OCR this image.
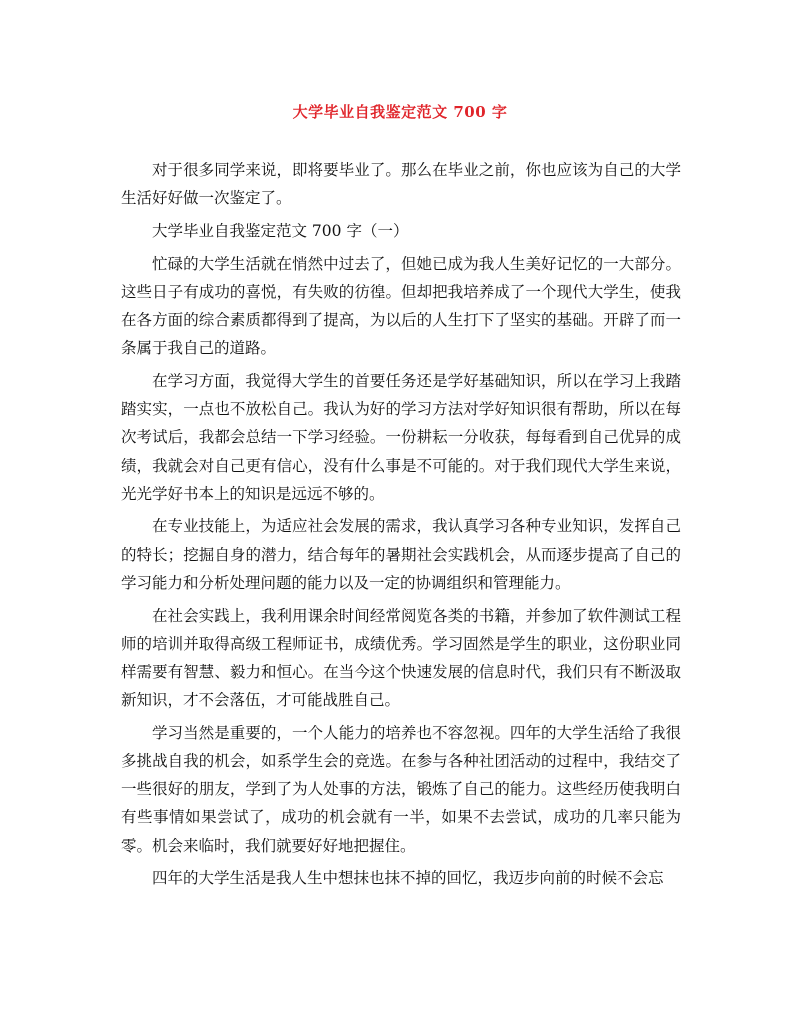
大学毕业自我鉴定范文 700 字

对于很多同学来说，即将要毕业了。那么在毕业之前，你也应该为自己的大学生活好好做一次鉴定了。

大学毕业自我鉴定范文 700 字（一）

忙碌的大学生活就在悄然中过去了，但她已成为我人生美好记忆的一大部分。这些日子有成功的喜悦，有失败的彷徨。但却把我培养成了一个现代大学生，使我在各方面的综合素质都得到了提高，为以后的人生打下了坚实的基础。开辟了而一条属于我自己的道路。

在学习方面，我觉得大学生的首要任务还是学好基础知识，所以在学习上我踏踏实实，一点也不放松自己。我认为好的学习方法对学好知识很有帮助，所以在每次考试后，我都会总结一下学习经验。一份耕耘一分收获，每每看到自己优异的成绩，我就会对自己更有信心，没有什么事是不可能的。对于我们现代大学生来说，光光学好书本上的知识是远远不够的。

在专业技能上，为适应社会发展的需求，我认真学习各种专业知识，发挥自己的特长；挖掘自身的潜力，结合每年的暑期社会实践机会，从而逐步提高了自己的学习能力和分析处理问题的能力以及一定的协调组织和管理能力。

在社会实践上，我利用课余时间经常阅览各类的书籍，并参加了软件测试工程师的培训并取得高级工程师证书，成绩优秀。学习固然是学生的职业，这份职业同样需要有智慧、毅力和恒心。在当今这个快速发展的信息时代，我们只有不断汲取新知识，才不会落伍，才可能战胜自己。

学习当然是重要的，一个人能力的培养也不容忽视。四年的大学生活给了我很多挑战自我的机会，如系学生会的竞选。在参与各种社团活动的过程中，我结交了一些很好的朋友，学到了为人处事的方法，锻炼了自己的能力。这些经历使我明白有些事情如果尝试了，成功的机会就有一半，如果不去尝试，成功的几率只能为零。机会来临时，我们就要好好地把握住。

四年的大学生活是我人生中想抹也抹不掉的回忆，我迈步向前的时候不会忘
